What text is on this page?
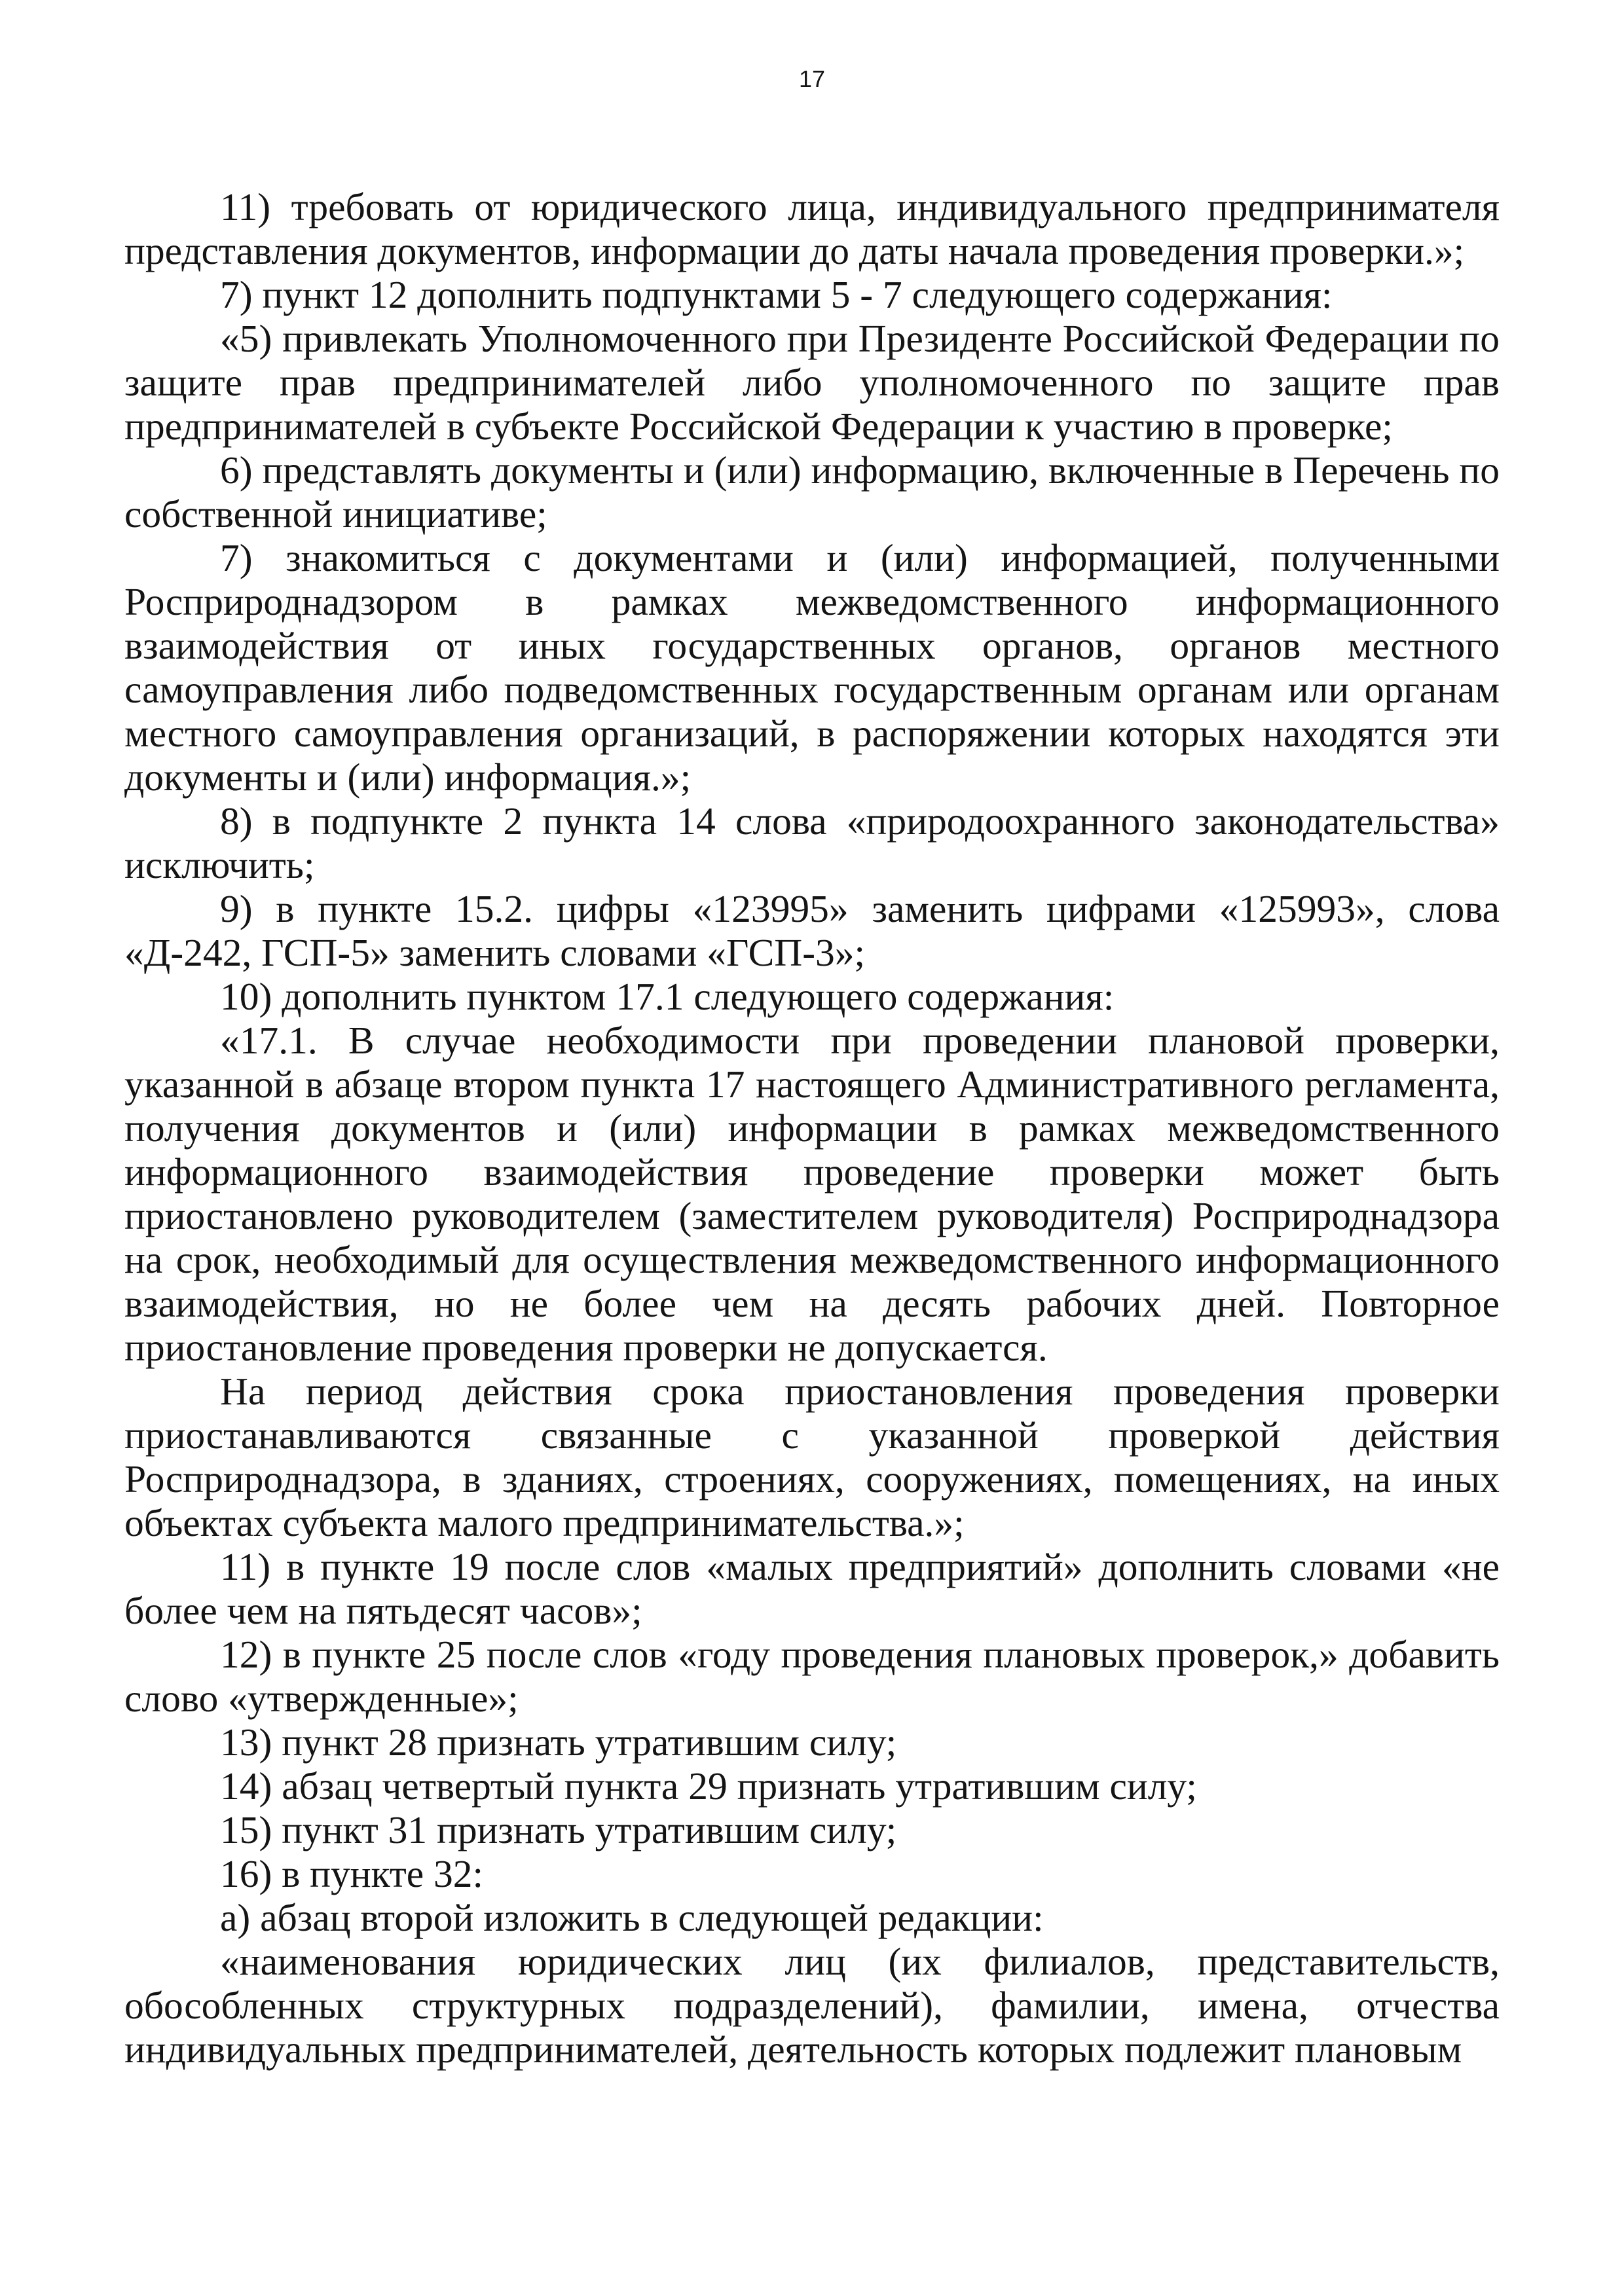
17

11) требовать от юридического лица, индивидуального предпринимателя представления документов, информации до даты начала проведения проверки.»;

7) пункт 12 дополнить подпунктами 5 - 7 следующего содержания:

«5) привлекать Уполномоченного при Президенте Российской Федерации по защите прав предпринимателей либо уполномоченного по защите прав предпринимателей в субъекте Российской Федерации к участию в проверке;

6) представлять документы и (или) информацию, включенные в Перечень по собственной инициативе;

7) знакомиться с документами и (или) информацией, полученными Росприроднадзором в рамках межведомственного информационного взаимодействия от иных государственных органов, органов местного самоуправления либо подведомственных государственным органам или органам местного самоуправления организаций, в распоряжении которых находятся эти документы и (или) информация.»;

8) в подпункте 2 пункта 14 слова «природоохранного законодательства» исключить;

9) в пункте 15.2. цифры «123995» заменить цифрами «125993», слова «Д-242, ГСП-5» заменить словами «ГСП-3»;

10) дополнить пунктом 17.1 следующего содержания:

«17.1. В случае необходимости при проведении плановой проверки, указанной в абзаце втором пункта 17 настоящего Административного регламента, получения документов и (или) информации в рамках межведомственного информационного взаимодействия проведение проверки может быть приостановлено руководителем (заместителем руководителя) Росприроднадзора на срок, необходимый для осуществления межведомственного информационного взаимодействия, но не более чем на десять рабочих дней. Повторное приостановление проведения проверки не допускается.

На период действия срока приостановления проведения проверки приостанавливаются связанные с указанной проверкой действия Росприроднадзора, в зданиях, строениях, сооружениях, помещениях, на иных объектах субъекта малого предпринимательства.»;

11) в пункте 19 после слов «малых предприятий» дополнить словами «не более чем на пятьдесят часов»;

12) в пункте 25 после слов «году проведения плановых проверок,» добавить слово «утвержденные»;

13) пункт 28 признать утратившим силу;

14) абзац четвертый пункта 29 признать утратившим силу;

15) пункт 31 признать утратившим силу;

16) в пункте 32:

а) абзац второй изложить в следующей редакции:

«наименования юридических лиц (их филиалов, представительств, обособленных структурных подразделений), фамилии, имена, отчества индивидуальных предпринимателей, деятельность которых подлежит плановым
